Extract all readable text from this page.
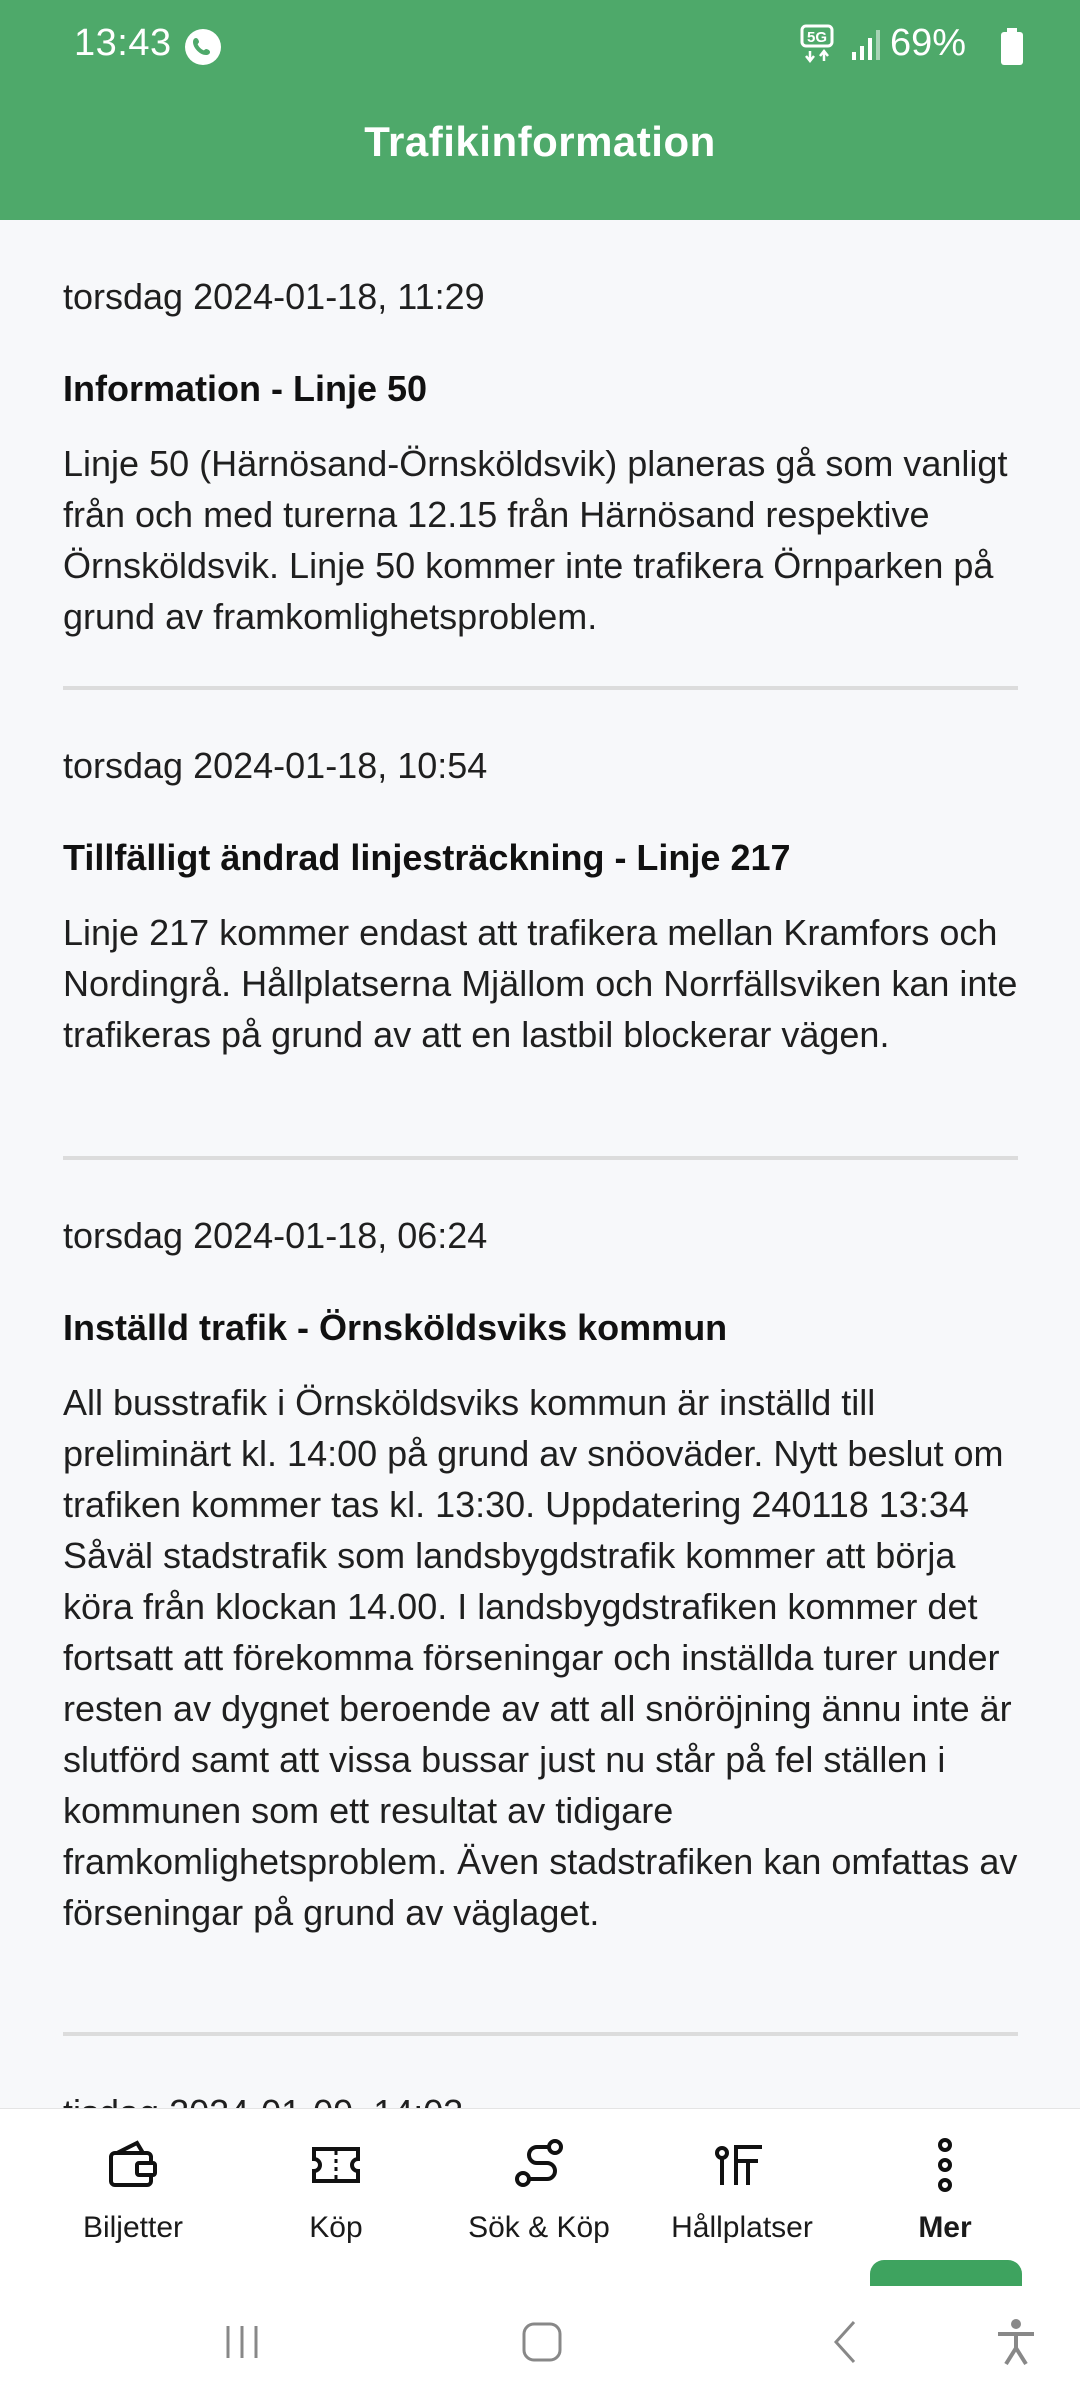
13:43	5G 69%
Trafikinformation
torsdag 2024-01-18, 11:29
Information - Linje 50
Linje 50 (Härnösand-Örnsköldsvik) planeras gå som vanligt från och med turerna 12.15 från Härnösand respektive Örnsköldsvik. Linje 50 kommer inte trafikera Örnparken på grund av framkomlighetsproblem.
torsdag 2024-01-18, 10:54
Tillfälligt ändrad linjesträckning - Linje 217
Linje 217 kommer endast att trafikera mellan Kramfors och Nordingrå. Hållplatserna Mjällom och Norrfällsviken kan inte trafikeras på grund av att en lastbil blockerar vägen.
torsdag 2024-01-18, 06:24
Inställd trafik - Örnsköldsviks kommun
All busstrafik i Örnsköldsviks kommun är inställd till preliminärt kl. 14:00 på grund av snöoväder. Nytt beslut om trafiken kommer tas kl. 13:30. Uppdatering 240118 13:34 Såväl stadstrafik som landsbygdstrafik kommer att börja köra från klockan 14.00. I landsbygdstrafiken kommer det fortsatt att förekomma förseningar och inställda turer under resten av dygnet beroende av att all snöröjning ännu inte är slutförd samt att vissa bussar just nu står på fel ställen i kommunen som ett resultat av tidigare framkomlighetsproblem. Även stadstrafiken kan omfattas av förseningar på grund av väglaget.
Biljetter	Köp	Sök & Köp	Hållplatser	Mer
